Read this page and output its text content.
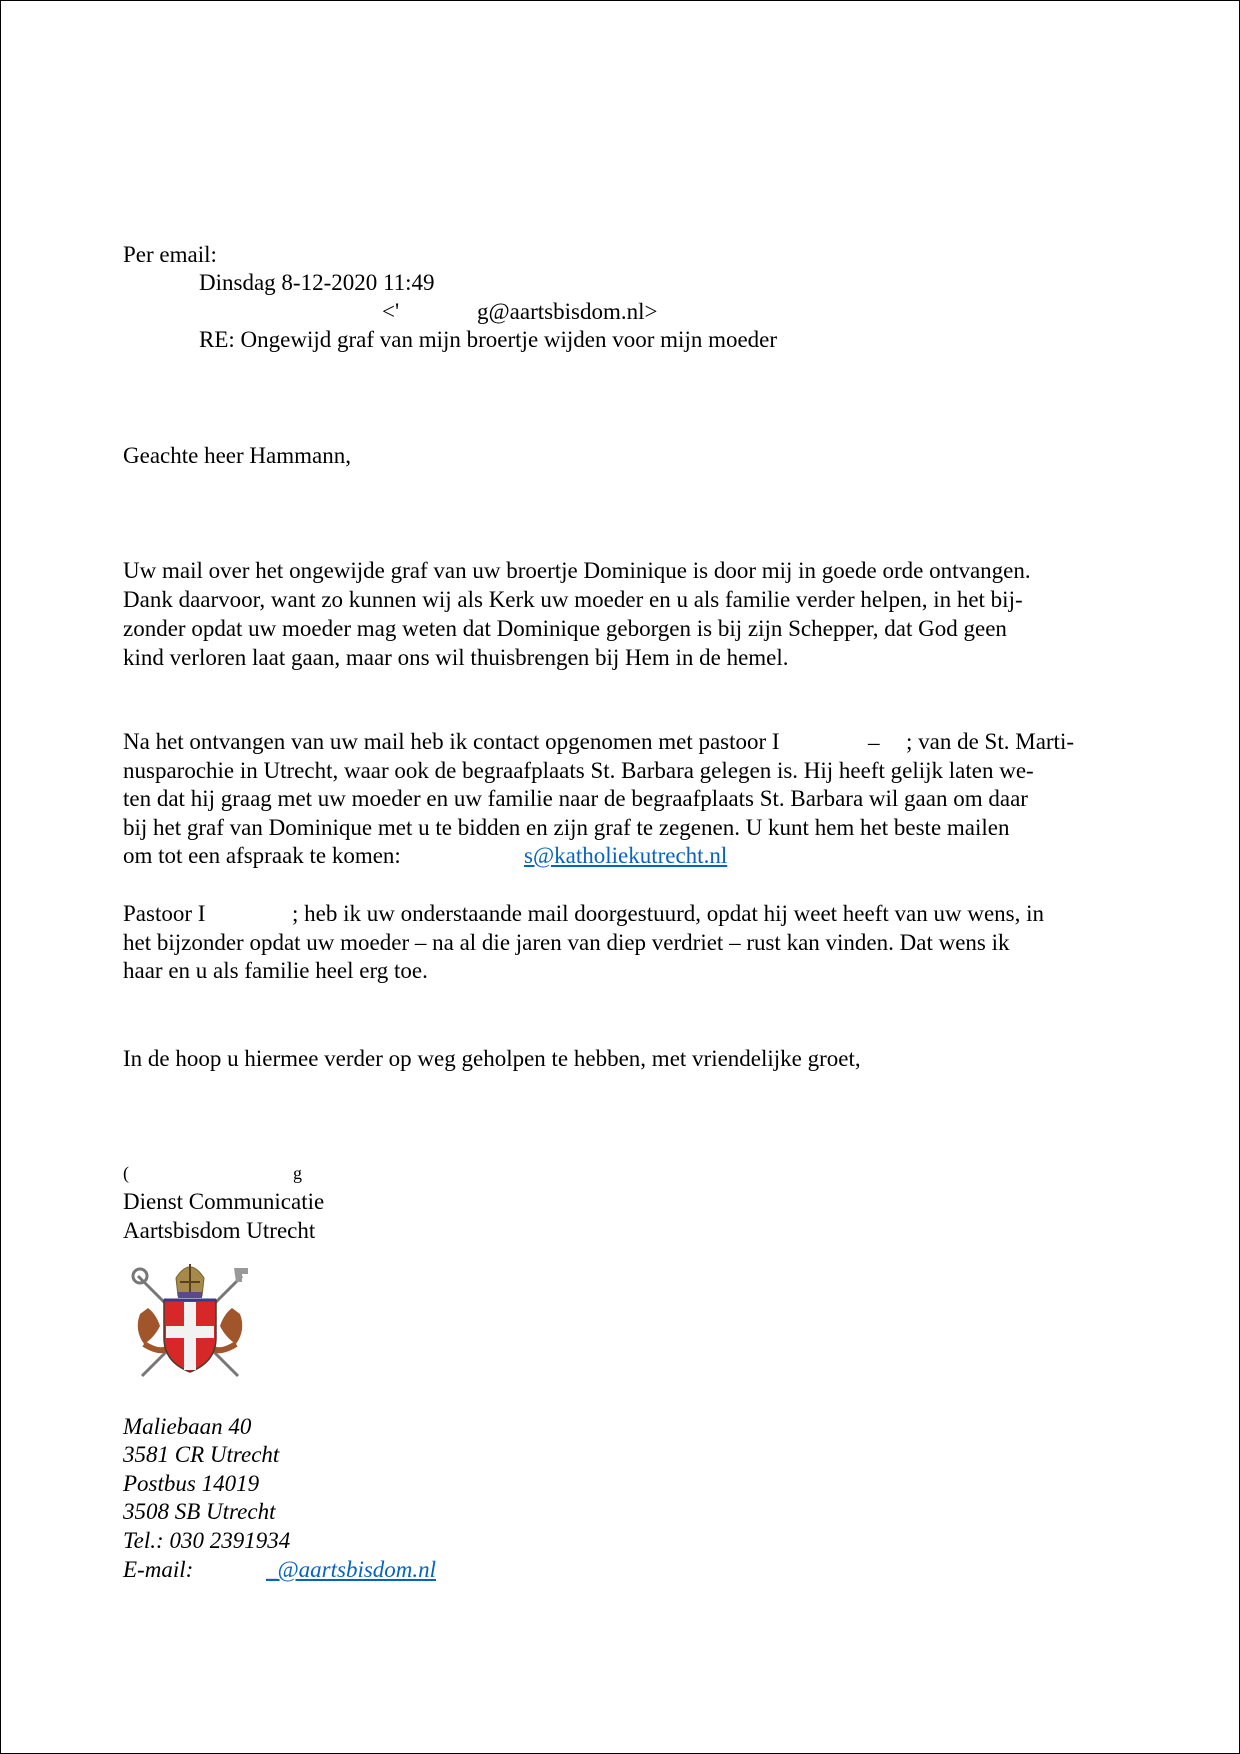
Per email:
Dinsdag 8-12-2020 11:49
<'	g@aartsbisdom.nl>
RE: Ongewijd graf van mijn broertje wijden voor mijn moeder
Geachte heer Hammann,
Uw mail over het ongewijde graf van uw broertje Dominique is door mij in goede orde ontvangen.
Dank daarvoor, want zo kunnen wij als Kerk uw moeder en u als familie verder helpen, in het bij-
zonder opdat uw moeder mag weten dat Dominique geborgen is bij zijn Schepper, dat God geen
kind verloren laat gaan, maar ons wil thuisbrengen bij Hem in de hemel.
Na het ontvangen van uw mail heb ik contact opgenomen met pastoor I	_ ; van de St. Marti-
nusparochie in Utrecht, waar ook de begraafplaats St. Barbara gelegen is. Hij heeft gelijk laten we-
ten dat hij graag met uw moeder en uw familie naar de begraafplaats St. Barbara wil gaan om daar
bij het graf van Dominique met u te bidden en zijn graf te zegenen. U kunt hem het beste mailen
om tot een afspraak te komen:	s@katholiekutrecht.nl
Pastoor I	; heb ik uw onderstaande mail doorgestuurd, opdat hij weet heeft van uw wens, in
het bijzonder opdat uw moeder – na al die jaren van diep verdriet – rust kan vinden. Dat wens ik
haar en u als familie heel erg toe.
In de hoop u hiermee verder op weg geholpen te hebben, met vriendelijke groet,
(	g
Dienst Communicatie
Aartsbisdom Utrecht
Maliebaan 40
3581 CR Utrecht
Postbus 14019
3508 SB Utrecht
Tel.: 030 2391934
E-mail:	_@aartsbisdom.nl
